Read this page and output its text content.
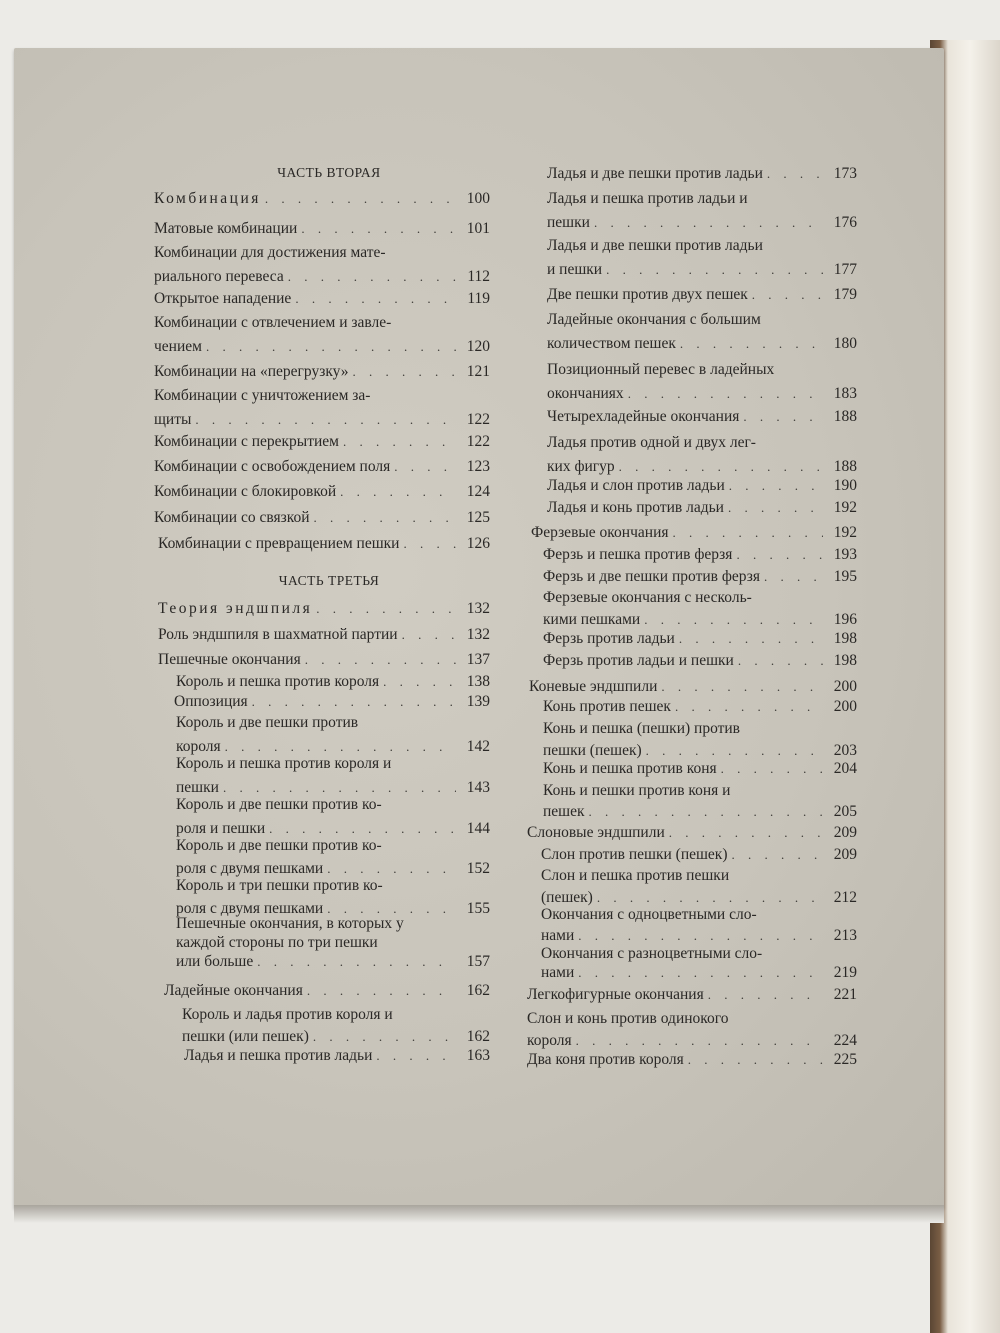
ЧАСТЬ ВТОРАЯ
ЧАСТЬ ТРЕТЬЯ
Комбинация . . .	100
Матовые комбинации . . .	101
Комбинации для достижения мате-
риального перевеса . . .	112
Открытое нападение . . .	119
Комбинации с отвлечением и завле-
чением . . .	120
Комбинации на «перегрузку» . . .	121
Комбинации с уничтожением за-
щиты . . .	122
Комбинации с перекрытием . . .	122
Комбинации с освобождением поля . . .	123
Комбинации с блокировкой . . .	124
Комбинации со связкой . . .	125
Комбинации с превращением пешки . . .	126
Теория эндшпиля . . .	132
Роль эндшпиля в шахматной партии . . .	132
Пешечные окончания . . .	137
Король и пешка против короля . . .	138
Оппозиция . . .	139
Король и две пешки против
короля . . .	142
Король и пешка против короля и
пешки . . .	143
Король и две пешки против ко-
роля и пешки . . .	144
Король и две пешки против ко-
роля с двумя пешками . . .	152
Король и три пешки против ко-
роля с двумя пешками . . .	155
Пешечные окончания, в которых у
каждой стороны по три пешки
или больше . . .	157
Ладейные окончания . . .	162
Король и ладья против короля и
пешки (или пешек) . . .	162
Ладья и пешка против ладьи . . .	163
Ладья и две пешки против ладьи . . .	173
Ладья и пешка против ладьи и
пешки . . .	176
Ладья и две пешки против ладьи
и пешки . . .	177
Две пешки против двух пешек . . .	179
Ладейные окончания с большим
количеством пешек . . .	180
Позиционный перевес в ладейных
окончаниях . . .	183
Четырехладейные окончания . . .	188
Ладья против одной и двух лег-
ких фигур . . .	188
Ладья и слон против ладьи . . .	190
Ладья и конь против ладьи . . .	192
Ферзевые окончания . . .	192
Ферзь и пешка против ферзя . . .	193
Ферзь и две пешки против ферзя . . .	195
Ферзевые окончания с несколь-
кими пешками . . .	196
Ферзь против ладьи . . .	198
Ферзь против ладьи и пешки . . .	198
Коневые эндшпили . . .	200
Конь против пешек . . .	200
Конь и пешка (пешки) против
пешки (пешек) . . .	203
Конь и пешка против коня . . .	204
Конь и пешки против коня и
пешек . . .	205
Слоновые эндшпили . . .	209
Слон против пешки (пешек) . . .	209
Слон и пешка против пешки
(пешек) . . .	212
Окончания с одноцветными сло-
нами . . .	213
Окончания с разноцветными сло-
нами . . .	219
Легкофигурные окончания . . .	221
Слон и конь против одинокого
короля . . .	224
Два коня против короля . . .	225
